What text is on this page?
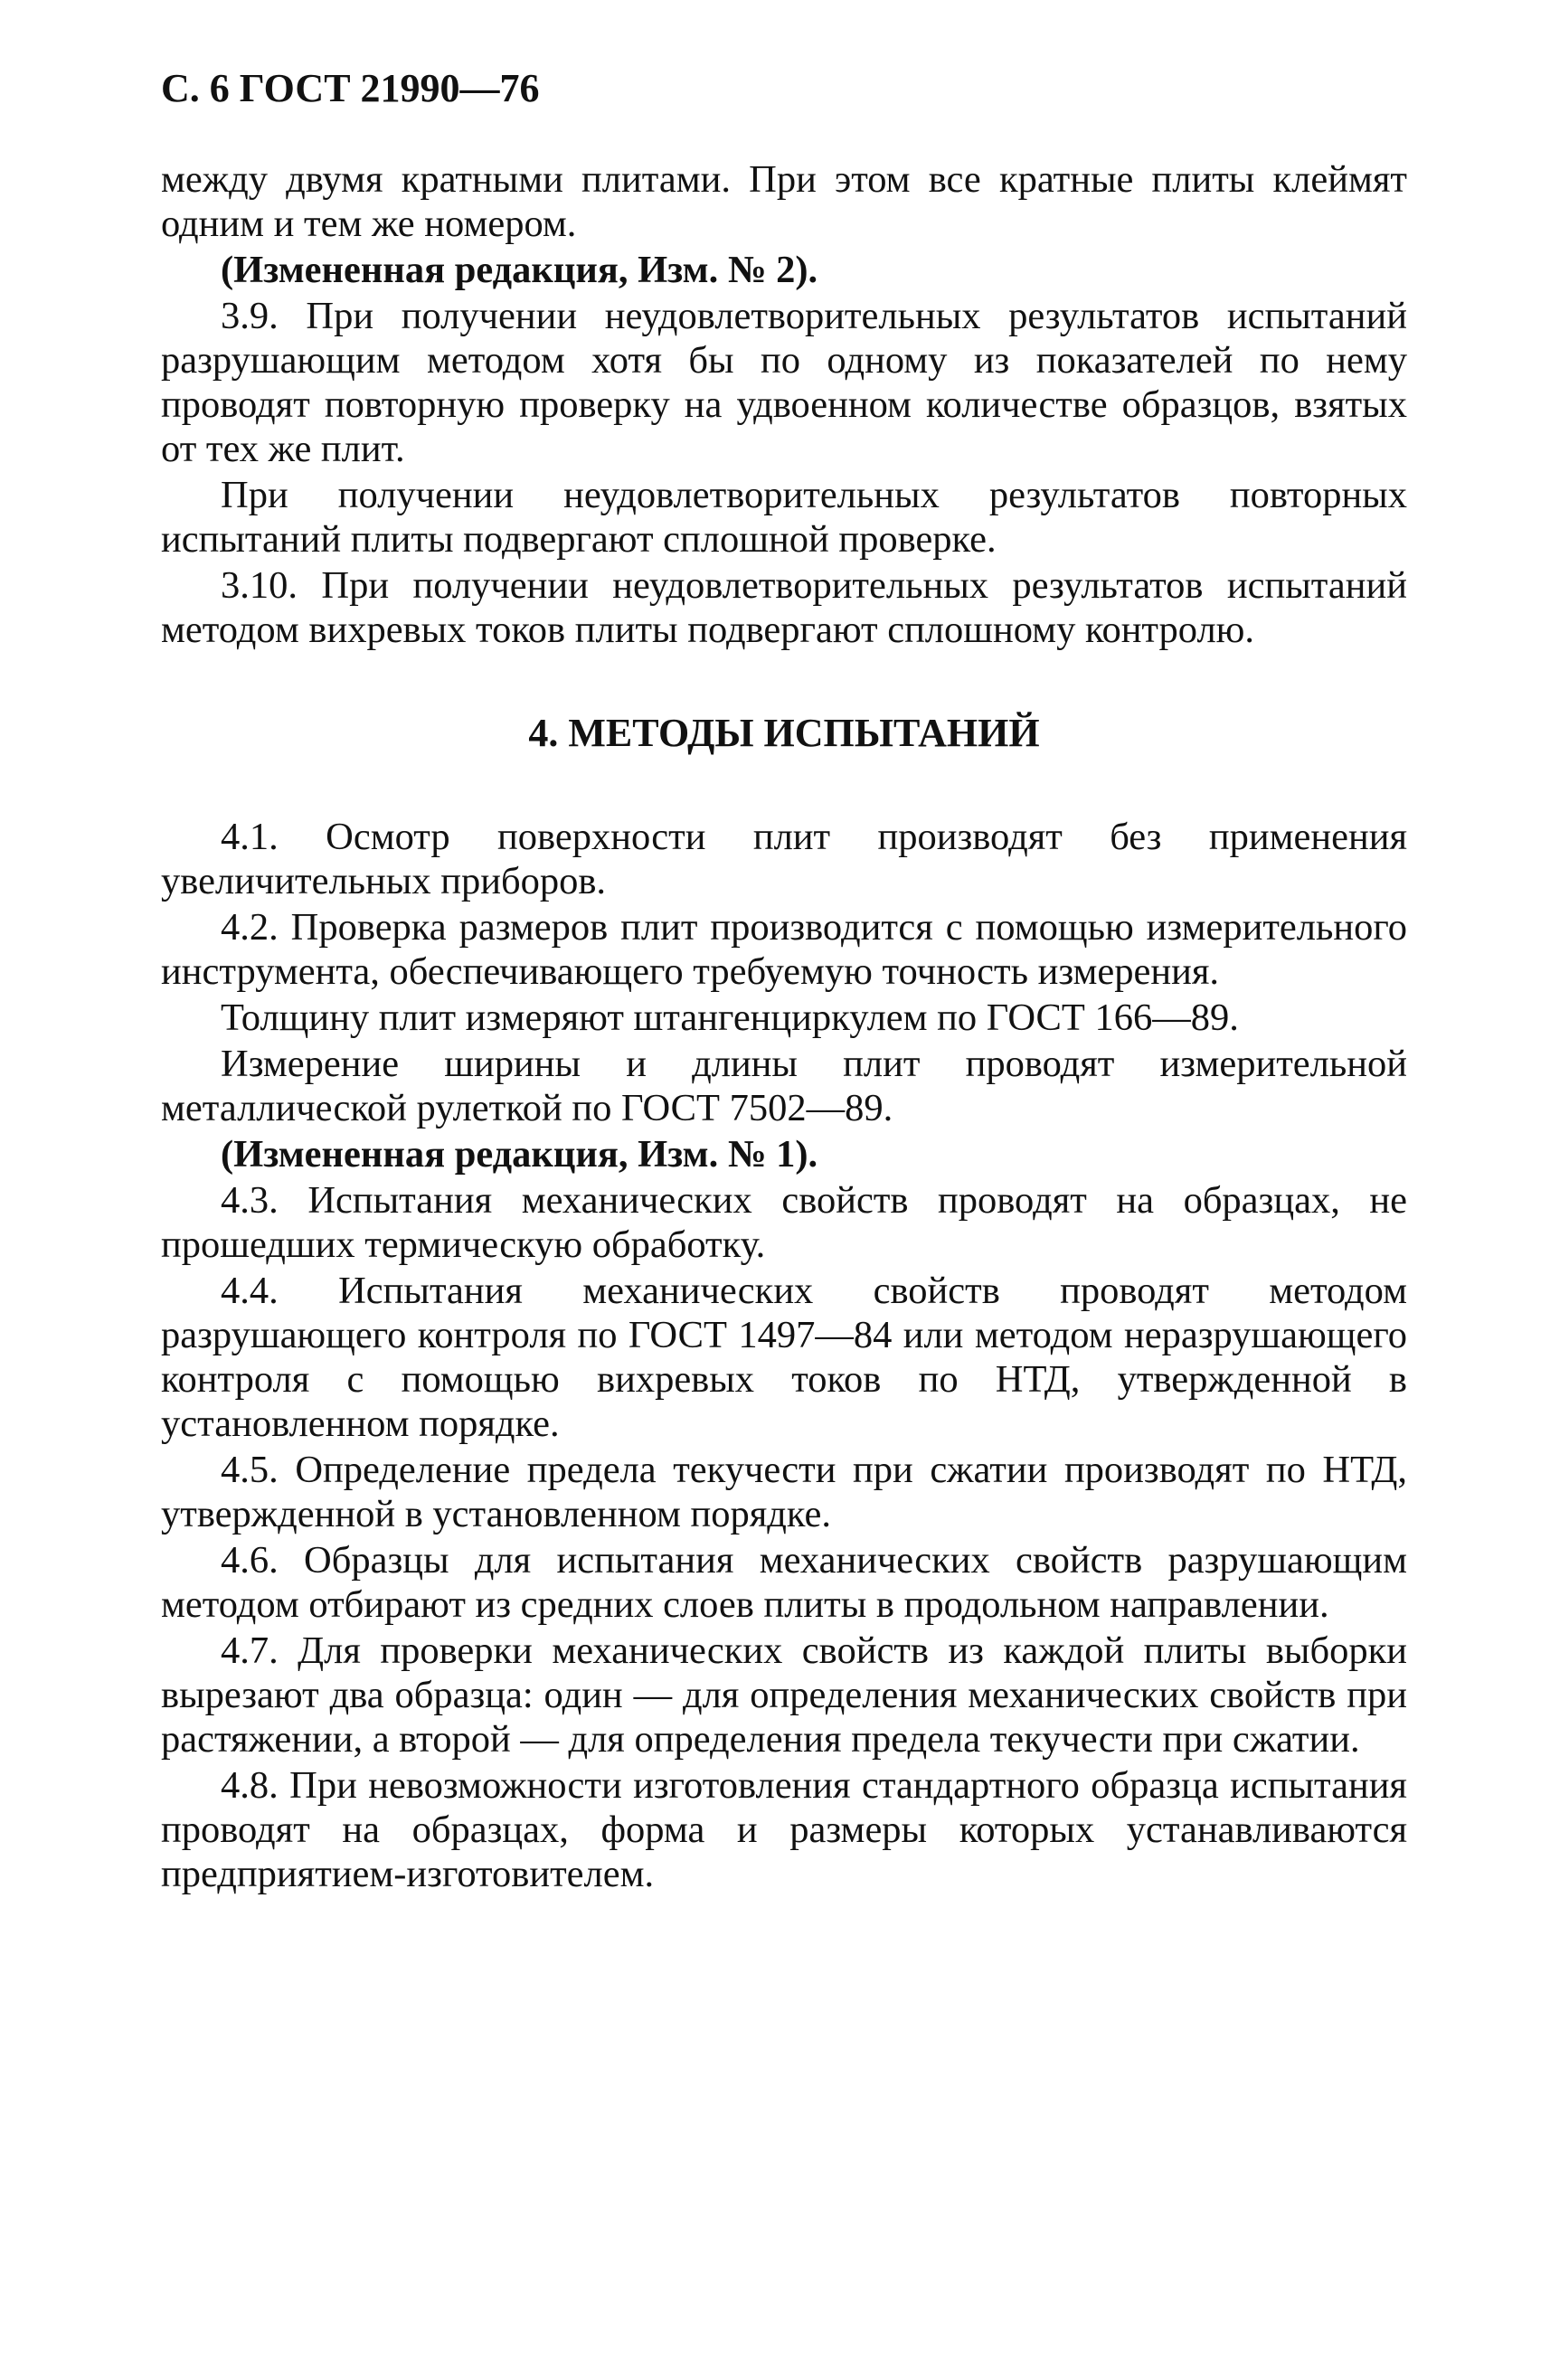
С. 6 ГОСТ 21990—76

между двумя кратными плитами. При этом все кратные плиты клеймят одним и тем же номером.

(Измененная редакция, Изм. № 2).

3.9. При получении неудовлетворительных результатов испытаний разрушающим методом хотя бы по одному из показателей по нему проводят повторную проверку на удвоенном количестве образцов, взятых от тех же плит.

При получении неудовлетворительных результатов повторных испытаний плиты подвергают сплошной проверке.

3.10. При получении неудовлетворительных результатов испытаний методом вихревых токов плиты подвергают сплошному контролю.

4. МЕТОДЫ ИСПЫТАНИЙ

4.1. Осмотр поверхности плит производят без применения увеличительных приборов.

4.2. Проверка размеров плит производится с помощью измерительного инструмента, обеспечивающего требуемую точность измерения.

Толщину плит измеряют штангенциркулем по ГОСТ 166—89.

Измерение ширины и длины плит проводят измерительной металлической рулеткой по ГОСТ 7502—89.

(Измененная редакция, Изм. № 1).

4.3. Испытания механических свойств проводят на образцах, не прошедших термическую обработку.

4.4. Испытания механических свойств проводят методом разрушающего контроля по ГОСТ 1497—84 или методом неразрушающего контроля с помощью вихревых токов по НТД, утвержденной в установленном порядке.

4.5. Определение предела текучести при сжатии производят по НТД, утвержденной в установленном порядке.

4.6. Образцы для испытания механических свойств разрушающим методом отбирают из средних слоев плиты в продольном направлении.

4.7. Для проверки механических свойств из каждой плиты выборки вырезают два образца: один — для определения механических свойств при растяжении, а второй — для определения предела текучести при сжатии.

4.8. При невозможности изготовления стандартного образца испытания проводят на образцах, форма и размеры которых устанавливаются предприятием-изготовителем.
